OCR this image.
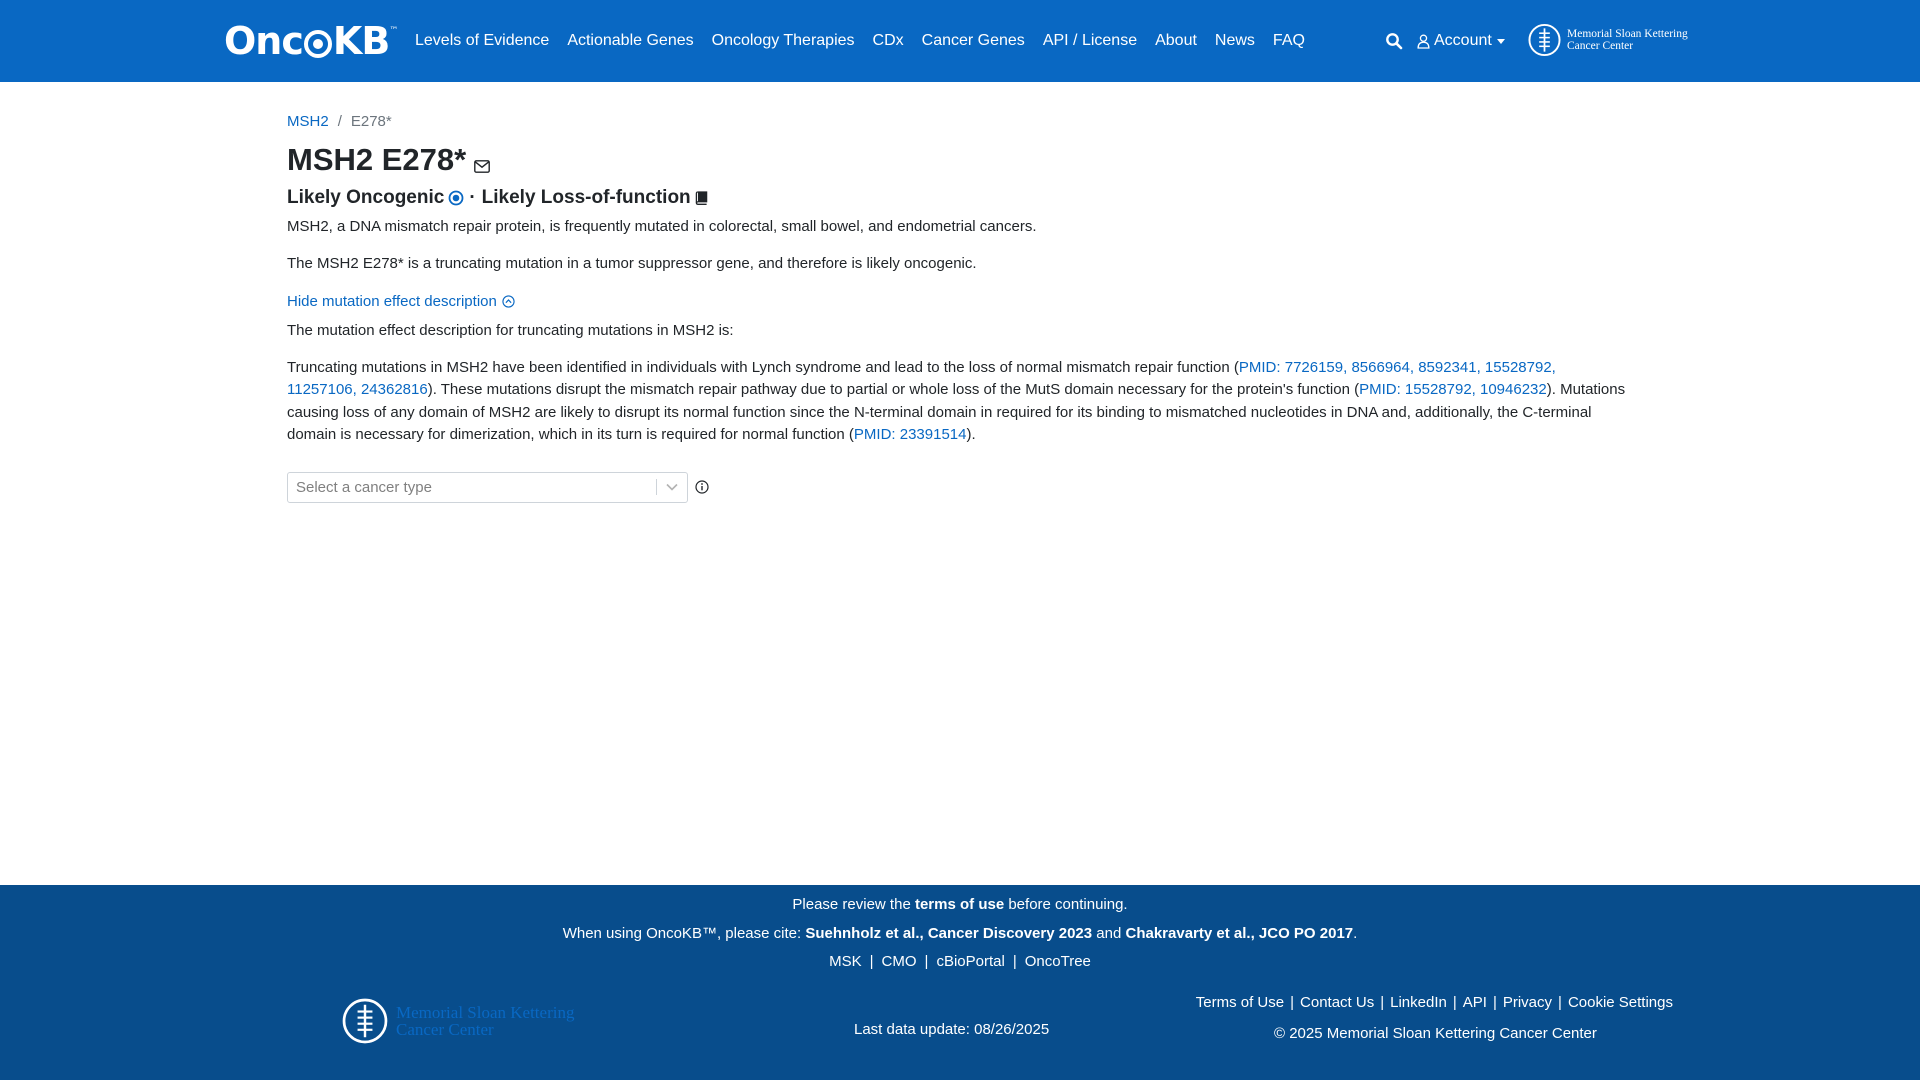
Onc KB ™
Levels of Evidence Actionable Genes Oncology Therapies CDx Cancer Genes API / License About News FAQ	Account	Memorial Sloan Kettering
Cancer Center
MSH2 / E278*
MSH2 E278*
Likely Oncogenic · Likely Loss-of-function

MSH2, a DNA mismatch repair protein, is frequently mutated in colorectal, small bowel, and endometrial cancers.

The MSH2 E278* is a truncating mutation in a tumor suppressor gene, and therefore is likely oncogenic.

Hide mutation effect description

The mutation effect description for truncating mutations in MSH2 is:

Truncating mutations in MSH2 have been identified in individuals with Lynch syndrome and lead to the loss of normal mismatch repair function (PMID: 7726159, 8566964, 8592341, 15528792, 11257106, 24362816). These mutations disrupt the mismatch repair pathway due to partial or whole loss of the MutS domain necessary for the protein's function (PMID: 15528792, 10946232). Mutations causing loss of any domain of MSH2 are likely to disrupt its normal function since the N-terminal domain in required for its binding to mismatched nucleotides in DNA and, additionally, the C-terminal domain is necessary for dimerization, which in its turn is required for normal function (PMID: 23391514).

Select a cancer type
Please review the terms of use before continuing.
When using OncoKB™, please cite: Suehnholz et al., Cancer Discovery 2023 and Chakravarty et al., JCO PO 2017.
MSK | CMO | cBioPortal | OncoTree
Memorial Sloan Kettering
Cancer Center	Last data update: 08/26/2025
Terms of Use | Contact Us | LinkedIn | API | Privacy | Cookie Settings
© 2025 Memorial Sloan Kettering Cancer Center
